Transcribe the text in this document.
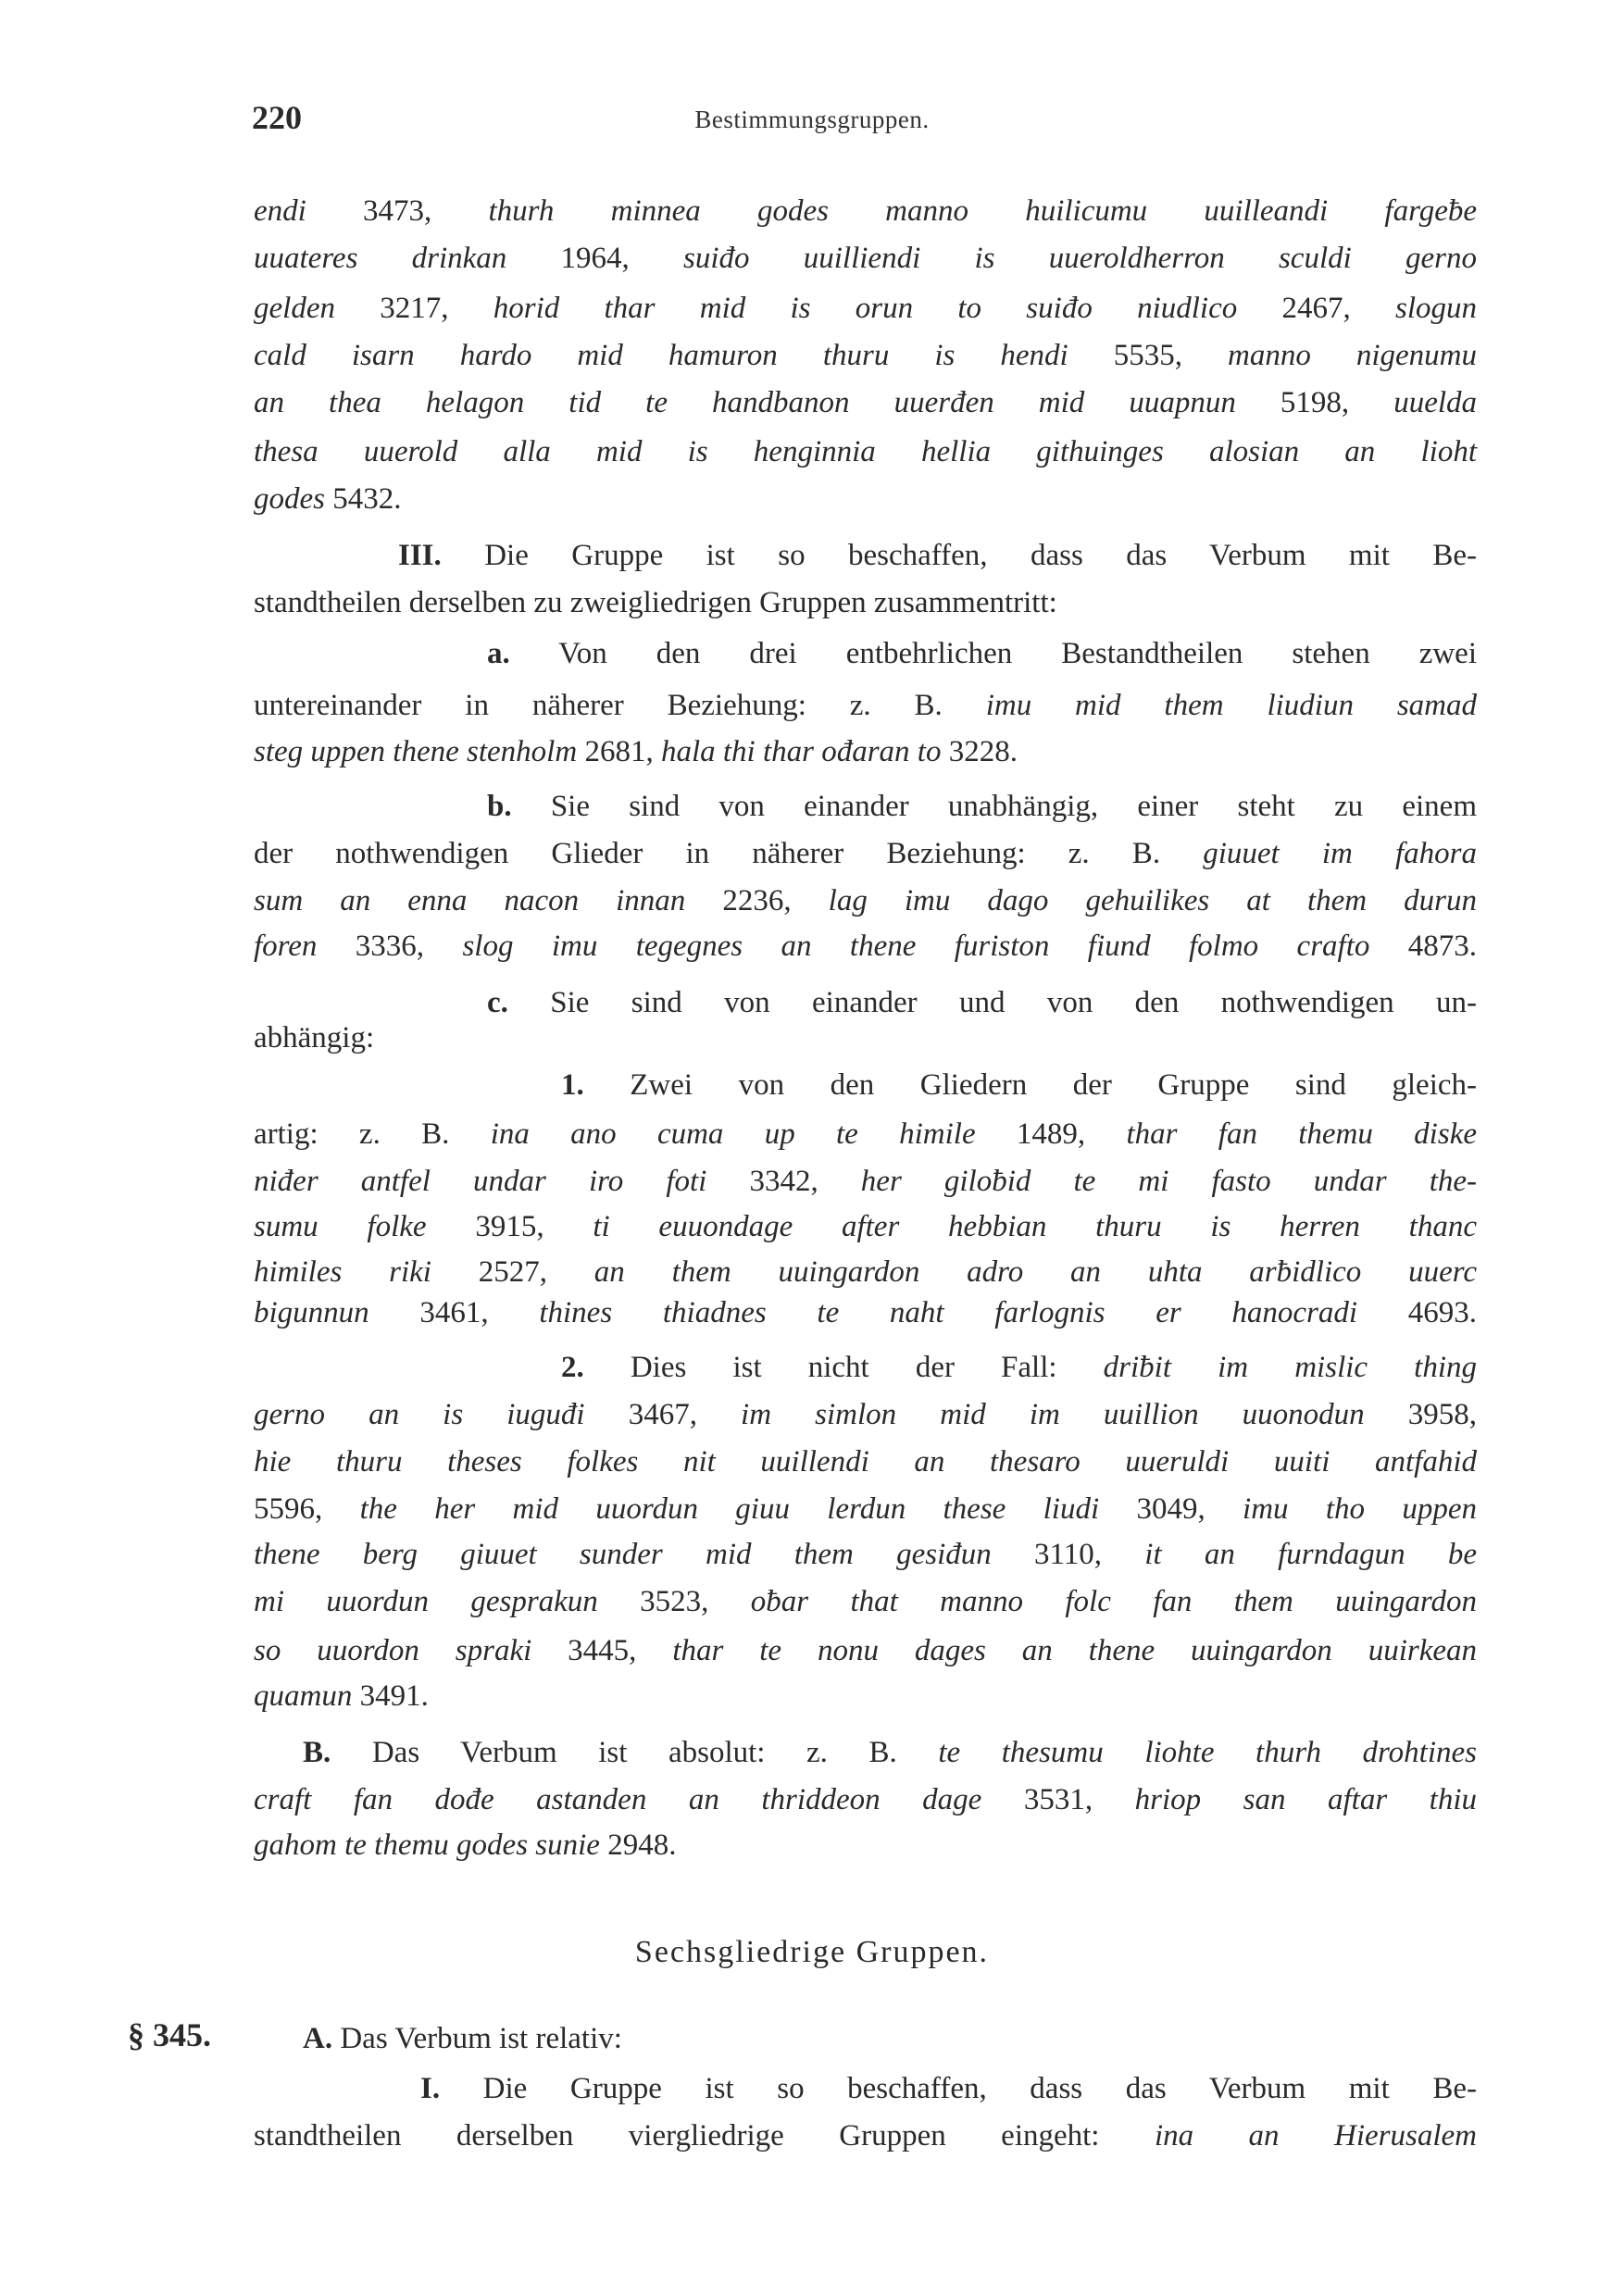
220	Bestimmungsgruppen.
endi 3473, thurh minnea godes manno huilicumu uuilleandi fargeƀe
uuateres drinkan 1964, suiđo uuilliendi is uueroldherron sculdi gerno
gelden 3217, horid thar mid is orun to suiđo niudlico 2467, slogun
cald isarn hardo mid hamuron thuru is hendi 5535, manno nigenumu
an thea helagon tid te handbanon uuerđen mid uuapnun 5198, uuelda
thesa uuerold alla mid is henginnia hellia githuinges alosian an lioht
godes 5432.
III. Die Gruppe ist so beschaffen, dass das Verbum mit Be-
standtheilen derselben zu zweigliedrigen Gruppen zusammentritt:
a. Von den drei entbehrlichen Bestandtheilen stehen zwei
untereinander in näherer Beziehung: z. B. imu mid them liudiun samad
steg uppen thene stenholm 2681, hala thi thar ođaran to 3228.
b. Sie sind von einander unabhängig, einer steht zu einem
der nothwendigen Glieder in näherer Beziehung: z. B. giuuet im fahora
sum an enna nacon innan 2236, lag imu dago gehuilikes at them durun
foren 3336, slog imu tegegnes an thene furiston fiund folmo crafto 4873.
c. Sie sind von einander und von den nothwendigen un-
abhängig:
1. Zwei von den Gliedern der Gruppe sind gleich-
artig: z. B. ina ano cuma up te himile 1489, thar fan themu diske
niđer antfel undar iro foti 3342, her giloƀid te mi fasto undar the-
sumu folke 3915, ti euuondage after hebbian thuru is herren thanc
himiles riki 2527, an them uuingardon adro an uhta arƀidlico uuerc
bigunnun 3461, thines thiadnes te naht farlognis er hanocradi 4693.
2. Dies ist nicht der Fall: driƀit im mislic thing
gerno an is iuguđi 3467, im simlon mid im uuillion uuonodun 3958,
hie thuru theses folkes nit uuillendi an thesaro uueruldi uuiti antfahid
5596, the her mid uuordun giuu lerdun these liudi 3049, imu tho uppen
thene berg giuuet sunder mid them gesiđun 3110, it an furndagun be
mi uuordun gesprakun 3523, oƀar that manno folc fan them uuingardon
so uuordon spraki 3445, thar te nonu dages an thene uuingardon uuirkean
quamun 3491.
B. Das Verbum ist absolut: z. B. te thesumu liohte thurh drohtines
craft fan dođe astanden an thriddeon dage 3531, hriop san aftar thiu
gahom te themu godes sunie 2948.
Sechsgliedrige Gruppen.
§ 345.	A. Das Verbum ist relativ:
I. Die Gruppe ist so beschaffen, dass das Verbum mit Be-
standtheilen derselben viergliedrige Gruppen eingeht: ina an Hierusalem
